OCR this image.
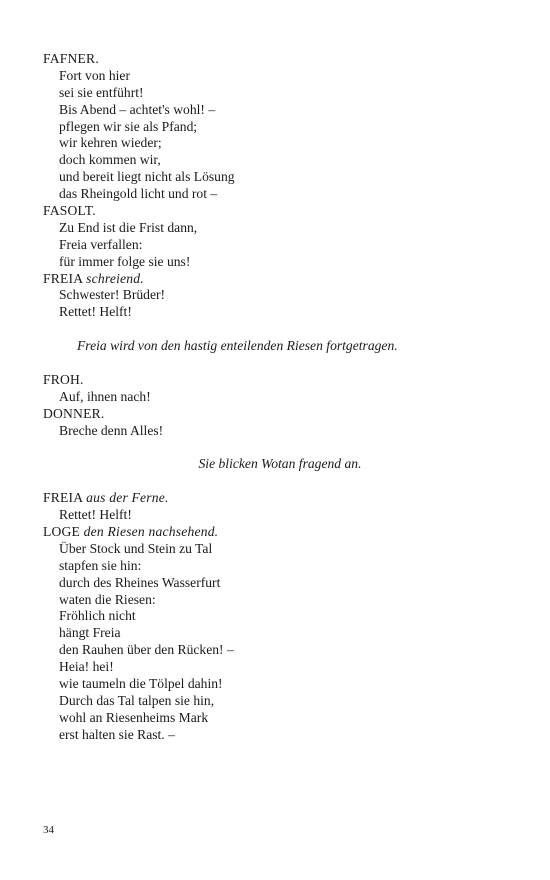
FAFNER.
Fort von hier
sei sie entführt!
Bis Abend – achtet's wohl! –
pflegen wir sie als Pfand;
wir kehren wieder;
doch kommen wir,
und bereit liegt nicht als Lösung
das Rheingold licht und rot –
FASOLT.
Zu End ist die Frist dann,
Freia verfallen:
für immer folge sie uns!
FREIA schreiend.
Schwester! Brüder!
Rettet! Helft!
Freia wird von den hastig enteilenden Riesen fortgetragen.
FROH.
Auf, ihnen nach!
DONNER.
Breche denn Alles!
Sie blicken Wotan fragend an.
FREIA aus der Ferne.
Rettet! Helft!
LOGE den Riesen nachsehend.
Über Stock und Stein zu Tal
stapfen sie hin:
durch des Rheines Wasserfurt
waten die Riesen:
Fröhlich nicht
hängt Freia
den Rauhen über den Rücken! –
Heia! hei!
wie taumeln die Tölpel dahin!
Durch das Tal talpen sie hin,
wohl an Riesenheims Mark
erst halten sie Rast. –
34
